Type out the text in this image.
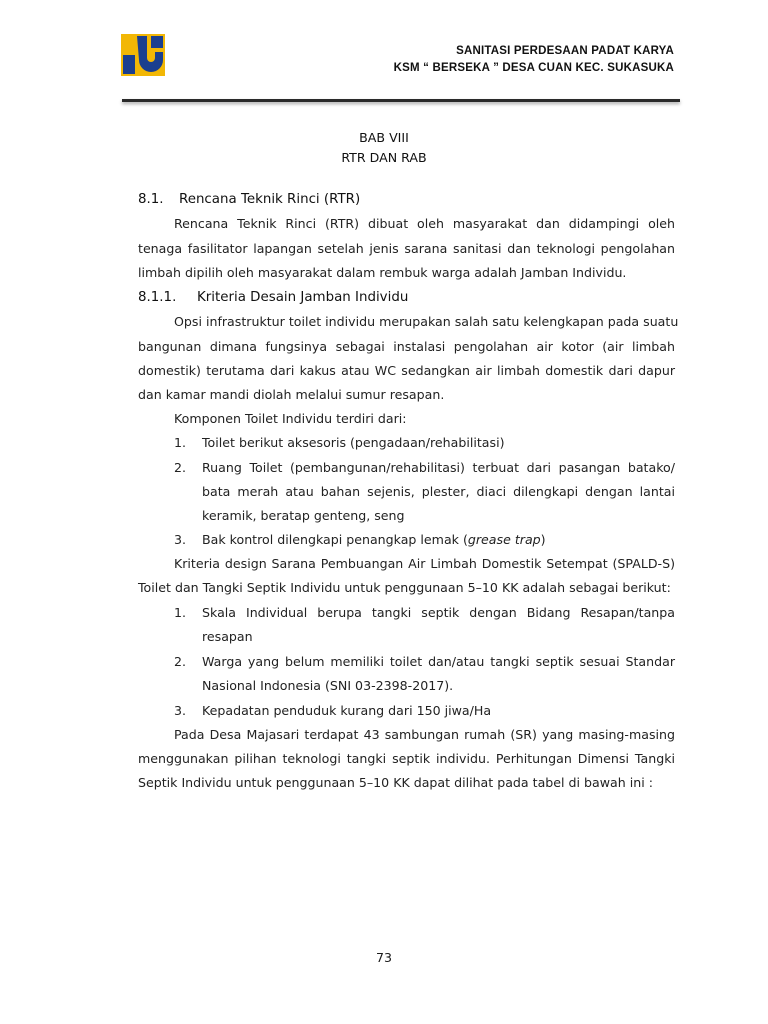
SANITASI PERDESAAN PADAT KARYA
KSM “ BERSEKA ” DESA CUAN KEC. SUKASUKA
BAB VIII
RTR DAN RAB
8.1. Rencana Teknik Rinci (RTR)
Rencana Teknik Rinci (RTR) dibuat oleh masyarakat dan didampingi oleh
tenaga fasilitator lapangan setelah jenis sarana sanitasi dan teknologi pengolahan
limbah dipilih oleh masyarakat dalam rembuk warga adalah Jamban Individu.
8.1.1. Kriteria Desain Jamban Individu
Opsi infrastruktur toilet individu merupakan salah satu kelengkapan pada suatu
bangunan dimana fungsinya sebagai instalasi pengolahan air kotor (air limbah
domestik) terutama dari kakus atau WC sedangkan air limbah domestik dari dapur
dan kamar mandi diolah melalui sumur resapan.
Komponen Toilet Individu terdiri dari:
1. Toilet berikut aksesoris (pengadaan/rehabilitasi)
2. Ruang Toilet (pembangunan/rehabilitasi) terbuat dari pasangan batako/
bata merah atau bahan sejenis, plester, diaci dilengkapi dengan lantai
keramik, beratap genteng, seng
3. Bak kontrol dilengkapi penangkap lemak (grease trap)
Kriteria design Sarana Pembuangan Air Limbah Domestik Setempat (SPALD-S)
Toilet dan Tangki Septik Individu untuk penggunaan 5–10 KK adalah sebagai berikut:
1. Skala Individual berupa tangki septik dengan Bidang Resapan/tanpa
resapan
2. Warga yang belum memiliki toilet dan/atau tangki septik sesuai Standar
Nasional Indonesia (SNI 03-2398-2017).
3. Kepadatan penduduk kurang dari 150 jiwa/Ha
Pada Desa Majasari terdapat 43 sambungan rumah (SR) yang masing-masing
menggunakan pilihan teknologi tangki septik individu. Perhitungan Dimensi Tangki
Septik Individu untuk penggunaan 5–10 KK dapat dilihat pada tabel di bawah ini :
73
